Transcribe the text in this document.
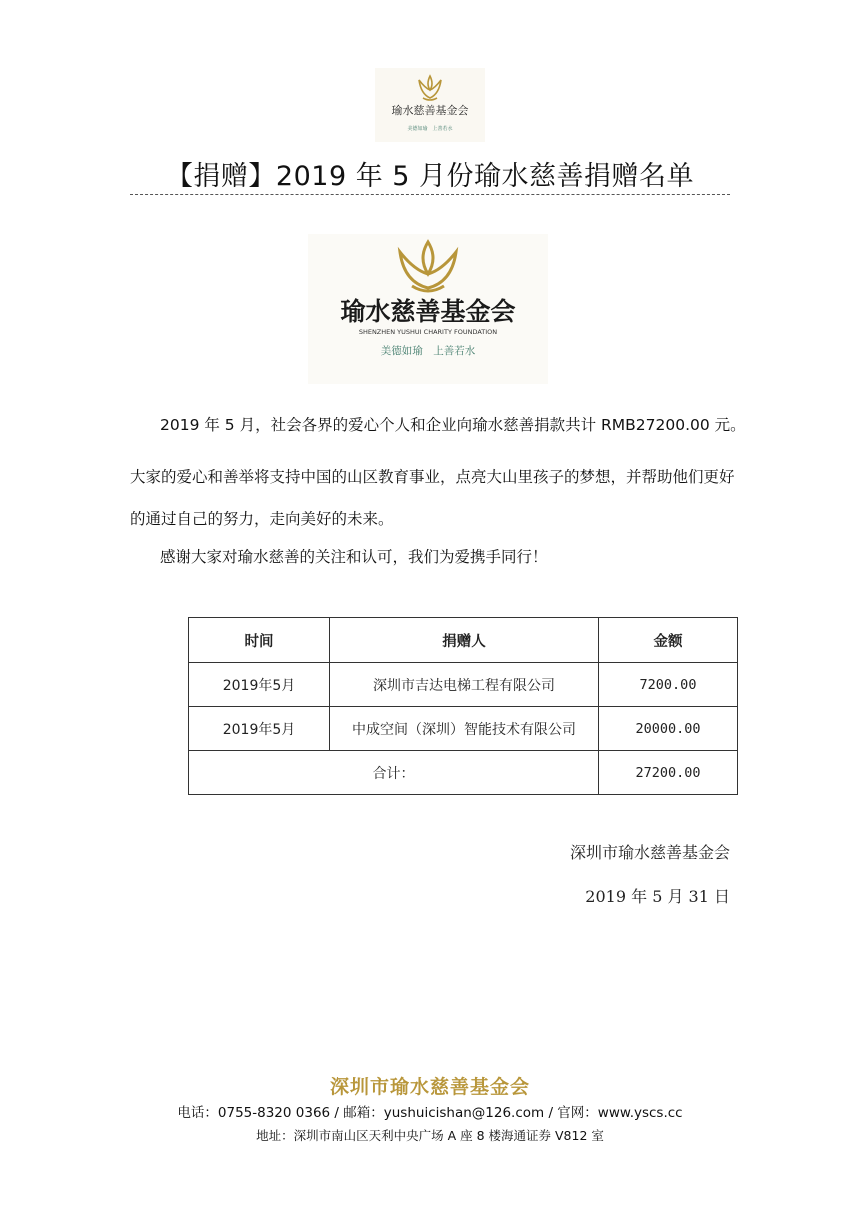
瑜水慈善基金会
美德如瑜　上善若水
【捐赠】2019 年 5 月份瑜水慈善捐赠名单
瑜水慈善基金会
SHENZHEN YUSHUI CHARITY FOUNDATION
美德如瑜　上善若水
2019 年 5 月，社会各界的爱心个人和企业向瑜水慈善捐款共计 RMB27200.00 元。
大家的爱心和善举将支持中国的山区教育事业，点亮大山里孩子的梦想，并帮助他们更好的通过自己的努力，走向美好的未来。
感谢大家对瑜水慈善的关注和认可，我们为爱携手同行！
时间	捐赠人	金额
2019年5月	深圳市吉达电梯工程有限公司	7200.00
2019年5月	中成空间（深圳）智能技术有限公司	20000.00
合计：		27200.00
深圳市瑜水慈善基金会
2019 年 5 月 31 日
深圳市瑜水慈善基金会
电话：0755-8320 0366 / 邮箱：yushuicishan@126.com / 官网：www.yscs.cc
地址：深圳市南山区天利中央广场 A 座 8 楼海通证券 V812 室
